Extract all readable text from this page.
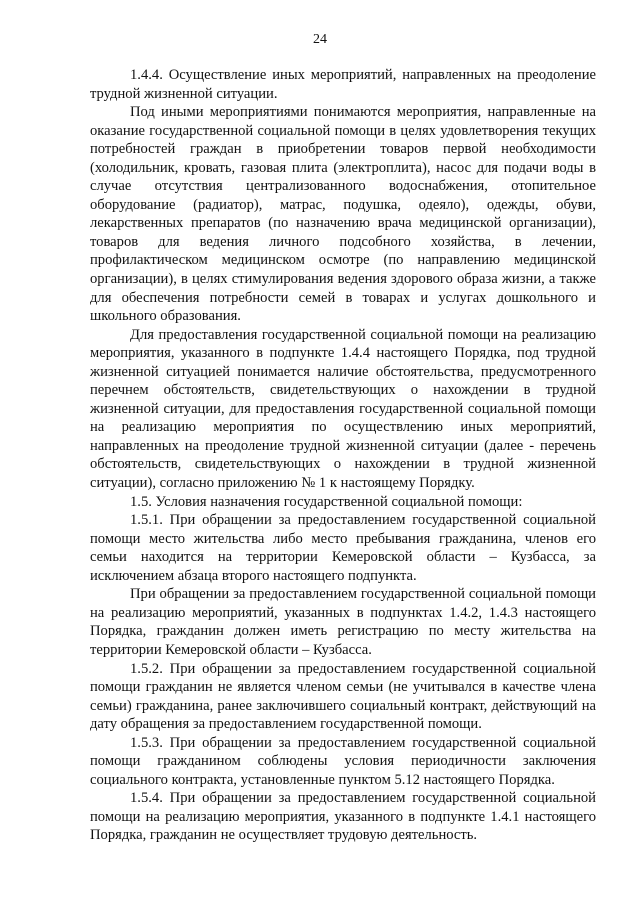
24

1.4.4. Осуществление иных мероприятий, направленных на преодоление трудной жизненной ситуации.

Под иными мероприятиями понимаются мероприятия, направленные на оказание государственной социальной помощи в целях удовлетворения текущих потребностей граждан в приобретении товаров первой необходимости (холодильник, кровать, газовая плита (электроплита), насос для подачи воды в случае отсутствия централизованного водоснабжения, отопительное оборудование (радиатор), матрас, подушка, одеяло), одежды, обуви, лекарственных препаратов (по назначению врача медицинской организации), товаров для ведения личного подсобного хозяйства, в лечении, профилактическом медицинском осмотре (по направлению медицинской организации), в целях стимулирования ведения здорового образа жизни, а также для обеспечения потребности семей в товарах и услугах дошкольного и школьного образования.

Для предоставления государственной социальной помощи на реализацию мероприятия, указанного в подпункте 1.4.4 настоящего Порядка, под трудной жизненной ситуацией понимается наличие обстоятельства, предусмотренного перечнем обстоятельств, свидетельствующих о нахождении в трудной жизненной ситуации, для предоставления государственной социальной помощи на реализацию мероприятия по осуществлению иных мероприятий, направленных на преодоление трудной жизненной ситуации (далее - перечень обстоятельств, свидетельствующих о нахождении в трудной жизненной ситуации), согласно приложению № 1 к настоящему Порядку.

1.5. Условия назначения государственной социальной помощи:

1.5.1. При обращении за предоставлением государственной социальной помощи место жительства либо место пребывания гражданина, членов его семьи находится на территории Кемеровской области – Кузбасса, за исключением абзаца второго настоящего подпункта.

При обращении за предоставлением государственной социальной помощи на реализацию мероприятий, указанных в подпунктах 1.4.2, 1.4.3 настоящего Порядка, гражданин должен иметь регистрацию по месту жительства на территории Кемеровской области – Кузбасса.

1.5.2. При обращении за предоставлением государственной социальной помощи гражданин не является членом семьи (не учитывался в качестве члена семьи) гражданина, ранее заключившего социальный контракт, действующий на дату обращения за предоставлением государственной помощи.

1.5.3. При обращении за предоставлением государственной социальной помощи гражданином соблюдены условия периодичности заключения социального контракта, установленные пунктом 5.12 настоящего Порядка.

1.5.4. При обращении за предоставлением государственной социальной помощи на реализацию мероприятия, указанного в подпункте 1.4.1 настоящего Порядка, гражданин не осуществляет трудовую деятельность.
